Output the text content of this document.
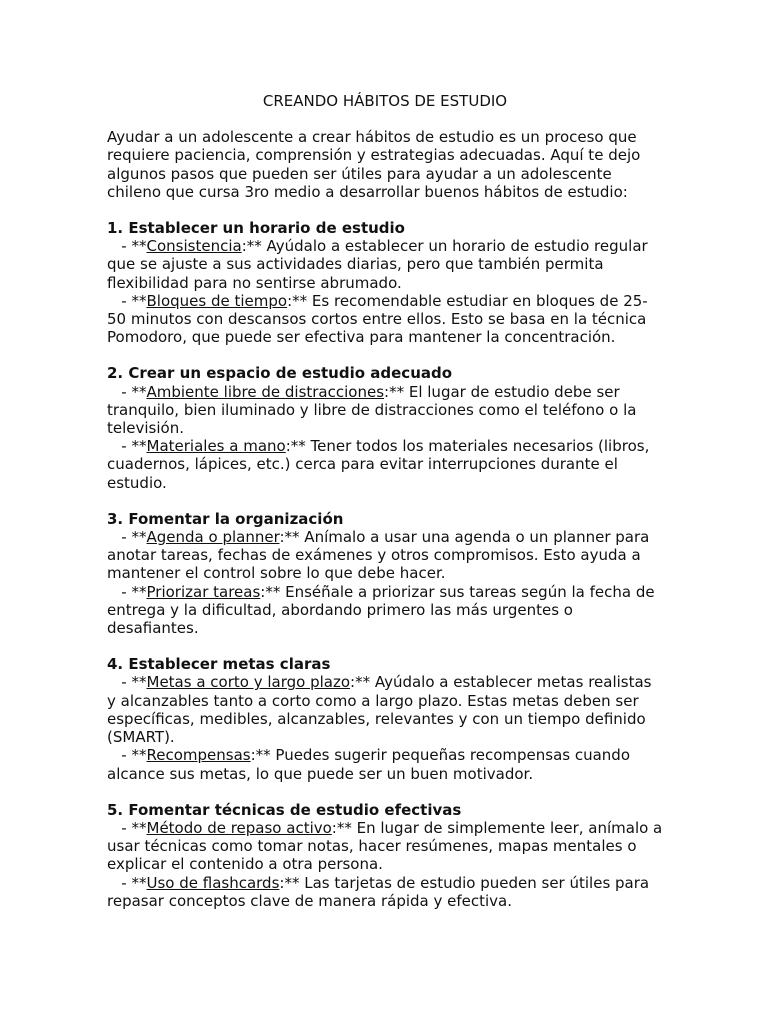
CREANDO HÁBITOS DE ESTUDIO

Ayudar a un adolescente a crear hábitos de estudio es un proceso que requiere paciencia, comprensión y estrategias adecuadas. Aquí te dejo algunos pasos que pueden ser útiles para ayudar a un adolescente chileno que cursa 3ro medio a desarrollar buenos hábitos de estudio:

1. Establecer un horario de estudio

- **Consistencia:** Ayúdalo a establecer un horario de estudio regular que se ajuste a sus actividades diarias, pero que también permita flexibilidad para no sentirse abrumado.

- **Bloques de tiempo:** Es recomendable estudiar en bloques de 25-50 minutos con descansos cortos entre ellos. Esto se basa en la técnica Pomodoro, que puede ser efectiva para mantener la concentración.

2. Crear un espacio de estudio adecuado

- **Ambiente libre de distracciones:** El lugar de estudio debe ser tranquilo, bien iluminado y libre de distracciones como el teléfono o la televisión.

- **Materiales a mano:** Tener todos los materiales necesarios (libros, cuadernos, lápices, etc.) cerca para evitar interrupciones durante el estudio.

3. Fomentar la organización

- **Agenda o planner:** Anímalo a usar una agenda o un planner para anotar tareas, fechas de exámenes y otros compromisos. Esto ayuda a mantener el control sobre lo que debe hacer.

- **Priorizar tareas:** Enséñale a priorizar sus tareas según la fecha de entrega y la dificultad, abordando primero las más urgentes o desafiantes.

4. Establecer metas claras

- **Metas a corto y largo plazo:** Ayúdalo a establecer metas realistas y alcanzables tanto a corto como a largo plazo. Estas metas deben ser específicas, medibles, alcanzables, relevantes y con un tiempo definido (SMART).

- **Recompensas:** Puedes sugerir pequeñas recompensas cuando alcance sus metas, lo que puede ser un buen motivador.

5. Fomentar técnicas de estudio efectivas

- **Método de repaso activo:** En lugar de simplemente leer, anímalo a usar técnicas como tomar notas, hacer resúmenes, mapas mentales o explicar el contenido a otra persona.

- **Uso de flashcards:** Las tarjetas de estudio pueden ser útiles para repasar conceptos clave de manera rápida y efectiva.
